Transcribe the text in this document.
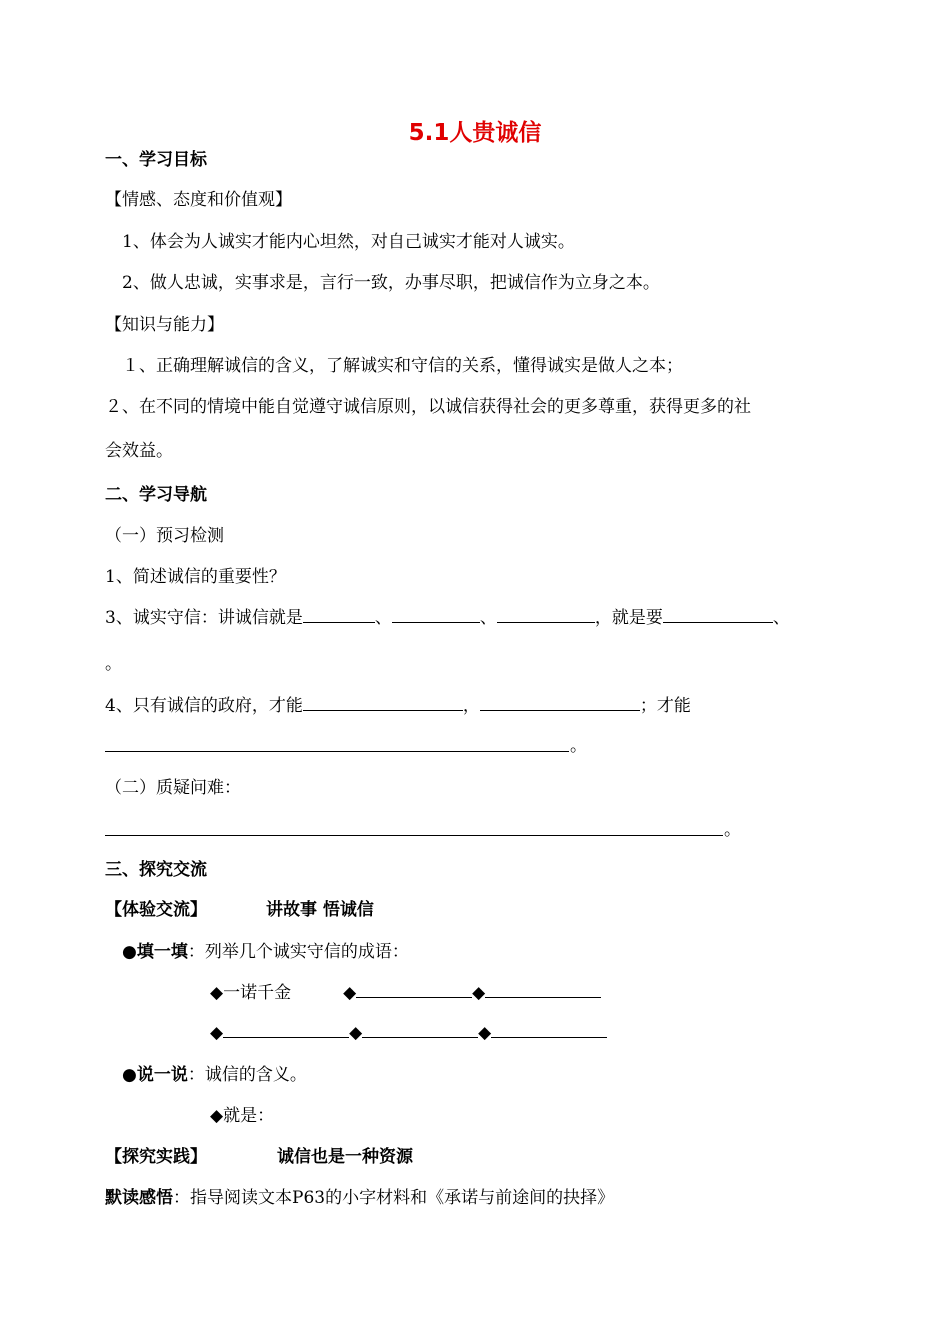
5.1人贵诚信
一、学习目标
【情感、态度和价值观】
1、体会为人诚实才能内心坦然，对自己诚实才能对人诚实。
2、做人忠诚，实事求是，言行一致，办事尽职，把诚信作为立身之本。
【知识与能力】
１、正确理解诚信的含义，了解诚实和守信的关系，懂得诚实是做人之本；
２、在不同的情境中能自觉遵守诚信原则，以诚信获得社会的更多尊重，获得更多的社
会效益。
二、学习导航
（一）预习检测
1、简述诚信的重要性？
3、诚实守信：讲诚信就是	、	、	，就是要	、
。
4、只有诚信的政府，才能	，	；才能
。
（二）质疑问难：
。
三、探究交流
【体验交流】	讲故事 悟诚信
●填一填：列举几个诚实守信的成语：
◆一诺千金	◆	◆
◆	◆	◆
●说一说：诚信的含义。
◆就是：
【探究实践】	诚信也是一种资源
默读感悟：指导阅读文本P63的小字材料和《承诺与前途间的抉择》
